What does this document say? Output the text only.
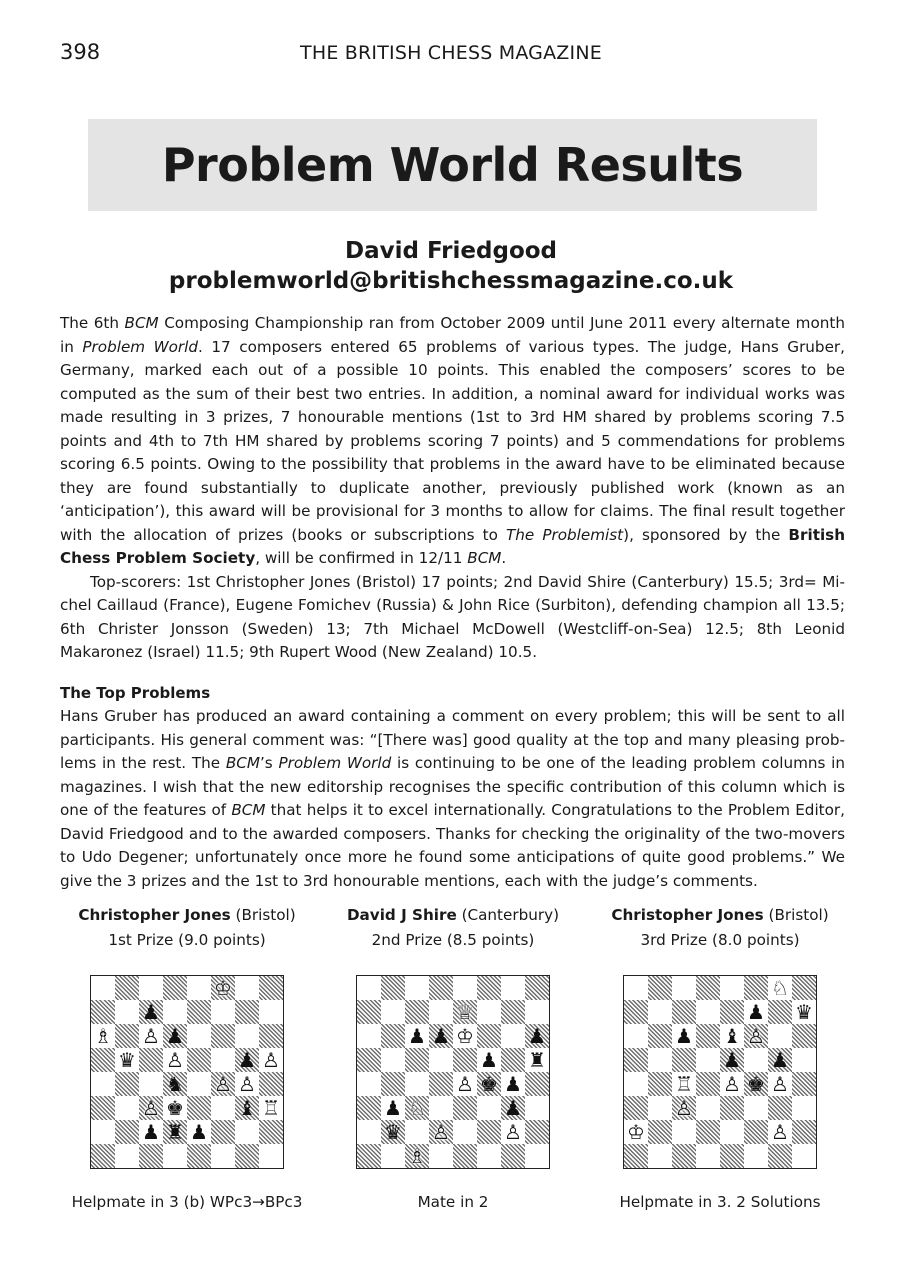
398	THE BRITISH CHESS MAGAZINE
Problem World Results
David Friedgood
problemworld@britishchessmagazine.co.uk

The 6th BCM Composing Championship ran from October 2009 until June 2011 every alternate month in Problem World. 17 composers entered 65 problems of various types. The judge, Hans Gruber, Germany, marked each out of a possible 10 points. This enabled the composers’ scores to be computed as the sum of their best two entries. In addition, a nominal award for individual works was made resulting in 3 prizes, 7 honourable mentions (1st to 3rd HM shared by problems scoring 7.5 points and 4th to 7th HM shared by problems scoring 7 points) and 5 commendations for problems scoring 6.5 points. Owing to the possibility that problems in the award have to be eliminated because they are found substantially to duplicate another, previously published work (known as an ‘anticipation’), this award will be provisional for 3 months to allow for claims. The final result together with the allocation of prizes (books or subscriptions to The Problemist), sponsored by the British Chess Problem Society, will be confirmed in 12/11 BCM.

Top-scorers: 1st Christopher Jones (Bristol) 17 points; 2nd David Shire (Canterbury) 15.5; 3rd= Michel Caillaud (France), Eugene Fomichev (Russia) & John Rice (Surbiton), defending champion all 13.5; 6th Christer Jonsson (Sweden) 13; 7th Michael McDowell (Westcliff-on-Sea) 12.5; 8th Leonid Makaronez (Israel) 11.5; 9th Rupert Wood (New Zealand) 10.5.

The Top Problems

Hans Gruber has produced an award containing a comment on every problem; this will be sent to all participants. His general comment was: “[There was] good quality at the top and many pleasing problems in the rest. The BCM’s Problem World is continuing to be one of the leading problem columns in magazines. I wish that the new editorship recognises the specific contribution of this column which is one of the features of BCM that helps it to excel internationally. Congratulations to the Problem Editor, David Friedgood and to the awarded composers. Thanks for checking the originality of the two-movers to Udo Degener; unfortunately once more he found some anticipations of quite good problems.” We give the 3 prizes and the 1st to 3rd honourable mentions, each with the judge’s comments.

Christopher Jones (Bristol)
1st Prize (9.0 points)
♔
♟
♗ ♙ ♟
♛ ♙	♟ ♙
♞ ♙ ♙
♙ ♚	♝ ♖
♟ ♜ ♟
Helpmate in 3 (b) WPc3→BPc3
David J Shire (Canterbury)
2nd Prize (8.5 points)
♕
♟ ♟ ♔	♟
♟ ♜
♙ ♚ ♟
♟ ♘	♟
♛ ♙	♙
♗
Mate in 2
Christopher Jones (Bristol)
3rd Prize (8.0 points)
♘
♟ ♛
♟ ♝ ♙
♟ ♟
♖ ♙ ♚ ♙
♙
♔	♙
Helpmate in 3. 2 Solutions
